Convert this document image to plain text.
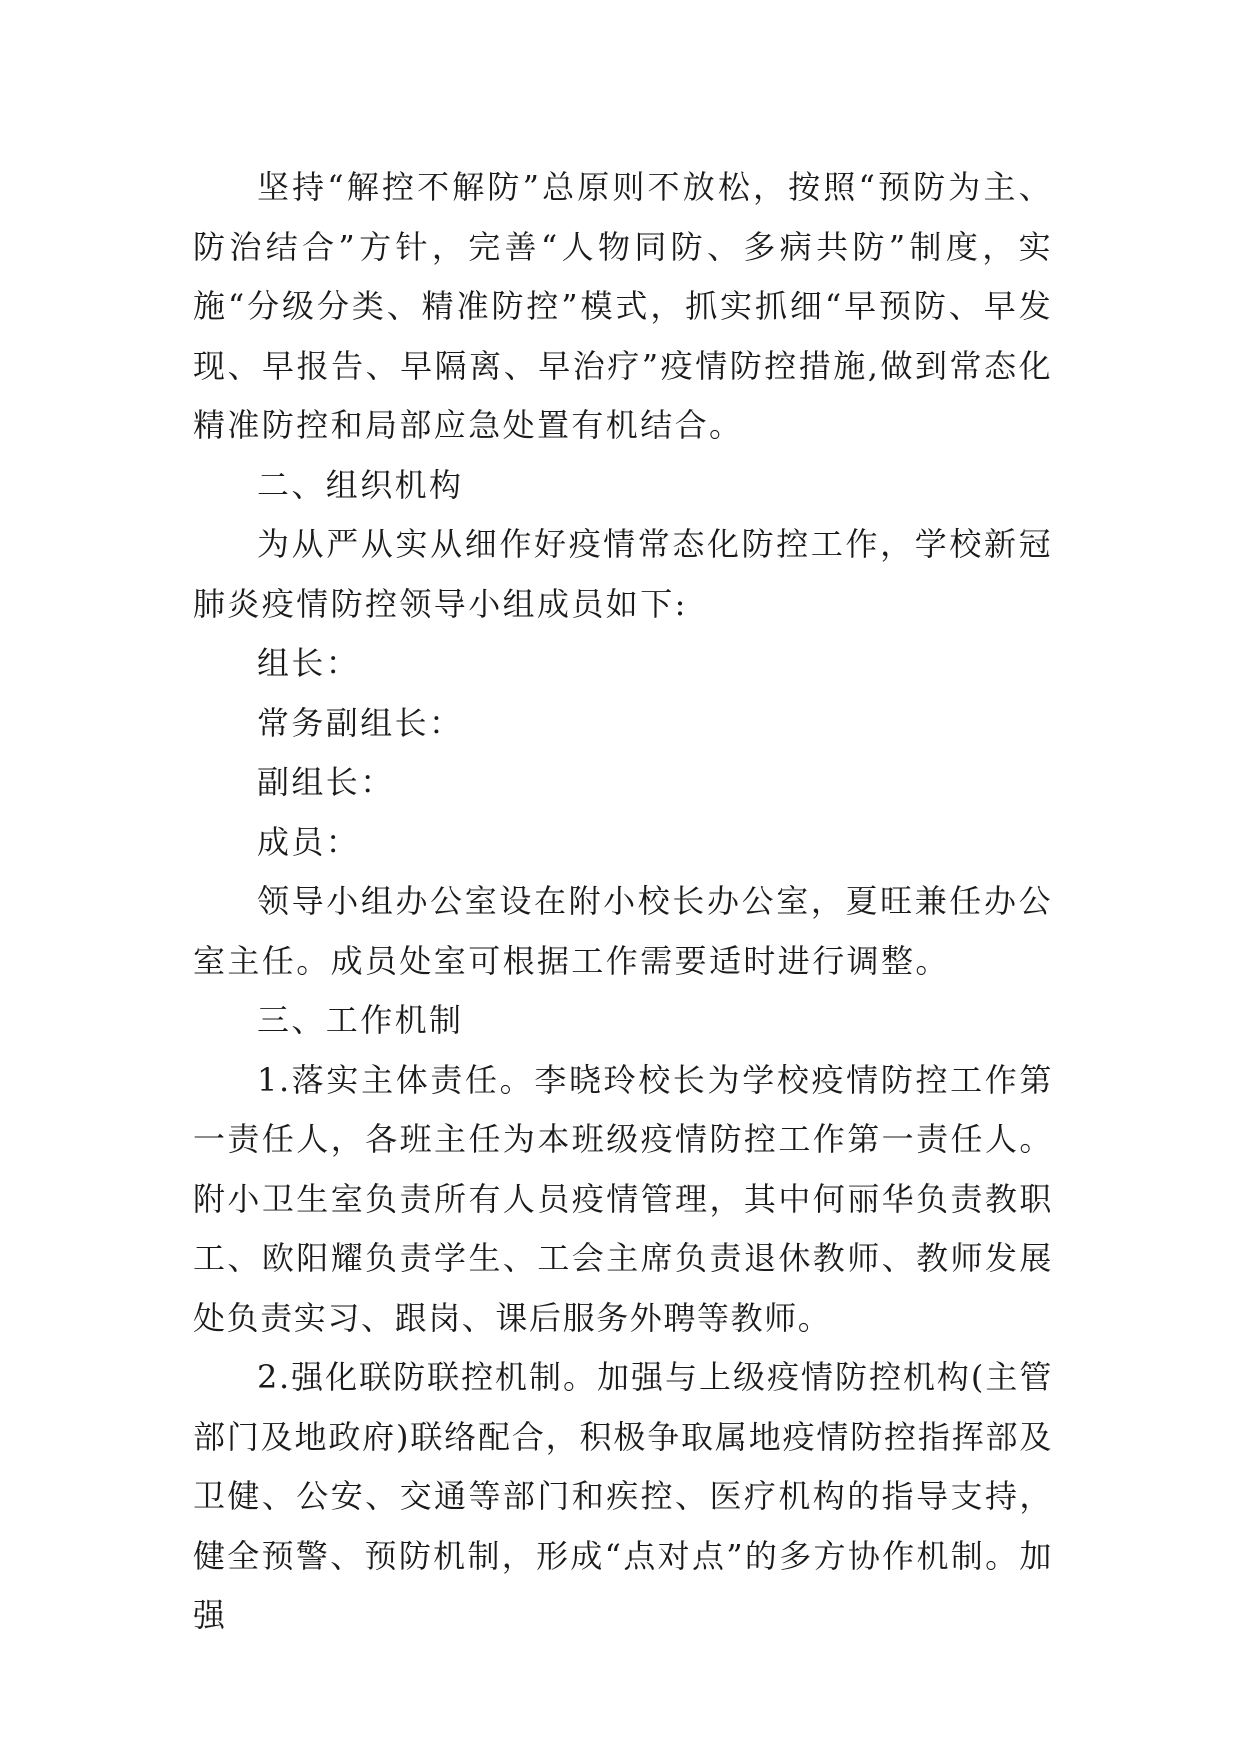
坚持“解控不解防”总原则不放松，按照“预防为主、防治结合”方针，完善“人物同防、多病共防”制度，实施“分级分类、精准防控”模式，抓实抓细“早预防、早发现、早报告、早隔离、早治疗”疫情防控措施,做到常态化精准防控和局部应急处置有机结合。

二、组织机构

为从严从实从细作好疫情常态化防控工作，学校新冠肺炎疫情防控领导小组成员如下:

组长：

常务副组长：

副组长：

成员：

领导小组办公室设在附小校长办公室，夏旺兼任办公室主任。成员处室可根据工作需要适时进行调整。

三、工作机制

1.落实主体责任。李晓玲校长为学校疫情防控工作第一责任人，各班主任为本班级疫情防控工作第一责任人。附小卫生室负责所有人员疫情管理，其中何丽华负责教职工、欧阳耀负责学生、工会主席负责退休教师、教师发展处负责实习、跟岗、课后服务外聘等教师。

2.强化联防联控机制。加强与上级疫情防控机构(主管部门及地政府)联络配合，积极争取属地疫情防控指挥部及卫健、公安、交通等部门和疾控、医疗机构的指导支持，健全预警、预防机制，形成“点对点”的多方协作机制。加强
